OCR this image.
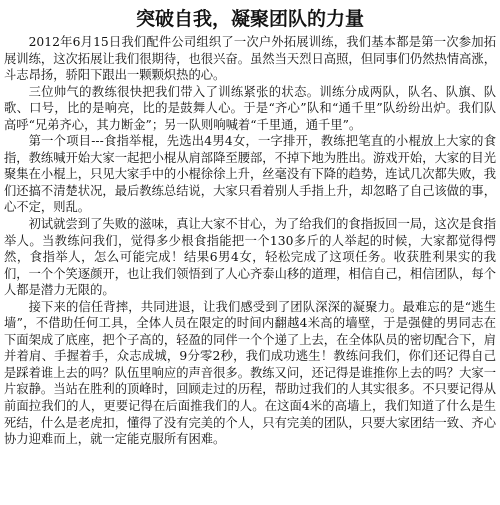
突破自我，凝聚团队的力量

2012年6月15日我们配件公司组织了一次户外拓展训练，我们基本都是第一次参加拓展训练，这次拓展让我们很期待，也很兴奋。虽然当天烈日高照，但同事们仍然热情高涨，斗志昂扬，骄阳下跟出一颗颗炽热的心。

三位帅气的教练很快把我们带入了训练紧张的状态。训练分成两队，队名、队旗、队歌、口号，比的是响亮，比的是鼓舞人心。于是“齐心”队和“通千里”队纷纷出炉。我们队高呼“兄弟齐心，其力断金”；另一队则响喊着“千里通，通千里”。

第一个项目---食指举棍，先选出4男4女，一字排开，教练把笔直的小棍放上大家的食指，教练喊开始大家一起把小棍从肩部降至腰部，不掉下地为胜出。游戏开始，大家的目光聚集在小棍上，只见大家手中的小棍徐徐上升，丝毫没有下降的趋势，连试几次都失败，我们还搞不清楚状况，最后教练总结说，大家只看着别人手指上升，却忽略了自己该做的事，心不定，则乱。

初试就尝到了失败的滋味，真让大家不甘心，为了给我们的食指扳回一局，这次是食指举人。当教练问我们，觉得多少根食指能把一个130多斤的人举起的时候，大家都觉得愕然，食指举人，怎么可能完成！结果6男4女，轻松完成了这项任务。收获胜利果实的我们，一个个笑逐颜开，也让我们领悟到了人心齐泰山移的道理，相信自己，相信团队，每个人都是潜力无限的。

接下来的信任背摔，共同进退，让我们感受到了团队深深的凝聚力。最难忘的是“逃生墙”，不借助任何工具，全体人员在限定的时间内翻越4米高的墙壁，于是强健的男同志在下面架成了底座，把个子高的，轻盈的同伴一个个递了上去，在全体队员的密切配合下，肩并着肩、手握着手，众志成城，9分零2秒，我们成功逃生！教练问我们，你们还记得自己是踩着谁上去的吗？队伍里响应的声音很多。教练又问，还记得是谁推你上去的吗？大家一片寂静。当站在胜利的顶峰时，回顾走过的历程，帮助过我们的人其实很多。不只要记得从前面拉我们的人，更要记得在后面推我们的人。在这面4米的高墙上，我们知道了什么是生死结，什么是老虎扣，懂得了没有完美的个人，只有完美的团队，只要大家团结一致、齐心协力迎难而上，就一定能克服所有困难。
